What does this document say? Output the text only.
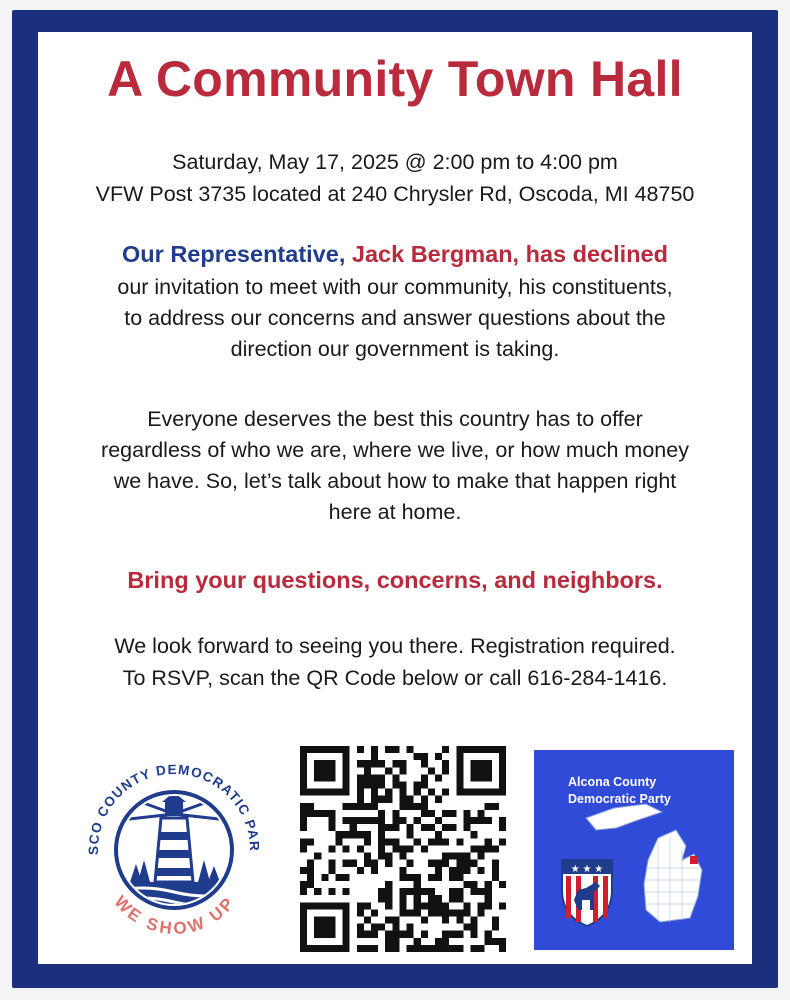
A Community Town Hall
Saturday, May 17, 2025 @ 2:00 pm to 4:00 pm
VFW Post 3735 located at 240 Chrysler Rd, Oscoda, MI 48750
Our Representative, Jack Bergman, has declined
our invitation to meet with our community, his constituents,
to address our concerns and answer questions about the
direction our government is taking.
Everyone deserves the best this country has to offer
regardless of who we are, where we live, or how much money
we have. So, let’s talk about how to make that happen right
here at home.
Bring your questions, concerns, and neighbors.
We look forward to seeing you there. Registration required.
To RSVP, scan the QR Code below or call 616-284-1416.
SCO COUNTY DEMOCRATIC PAR
WE SHOW UP
Alcona County
Democratic Party
★ ★ ★
